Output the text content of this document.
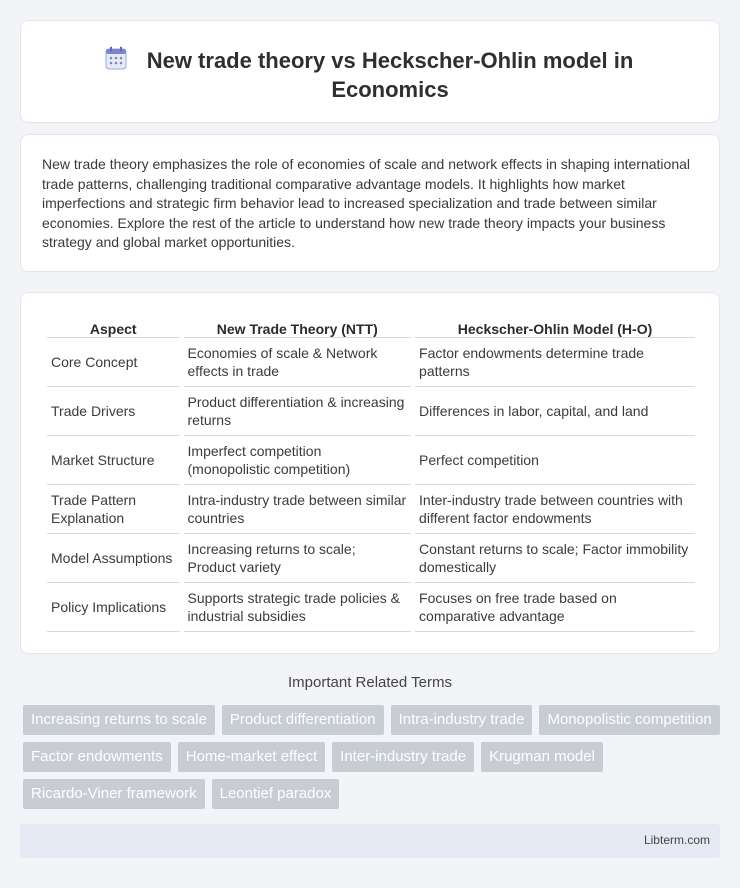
New trade theory vs Heckscher-Ohlin model in Economics

New trade theory emphasizes the role of economies of scale and network effects in shaping international trade patterns, challenging traditional comparative advantage models. It highlights how market imperfections and strategic firm behavior lead to increased specialization and trade between similar economies. Explore the rest of the article to understand how new trade theory impacts your business strategy and global market opportunities.

Aspect	New Trade Theory (NTT)	Heckscher-Ohlin Model (H-O)
Core Concept	Economies of scale & Network effects in trade	Factor endowments determine trade patterns
Trade Drivers	Product differentiation & increasing returns	Differences in labor, capital, and land
Market Structure	Imperfect competition (monopolistic competition)	Perfect competition
Trade Pattern Explanation	Intra-industry trade between similar countries	Inter-industry trade between countries with different factor endowments
Model Assumptions	Increasing returns to scale; Product variety	Constant returns to scale; Factor immobility domestically
Policy Implications	Supports strategic trade policies & industrial subsidies	Focuses on free trade based on comparative advantage
Important Related Terms
Increasing returns to scale	Product differentiation	Intra-industry trade	Monopolistic competition
Factor endowments	Home-market effect	Inter-industry trade	Krugman model
Ricardo-Viner framework	Leontief paradox
Libterm.com
